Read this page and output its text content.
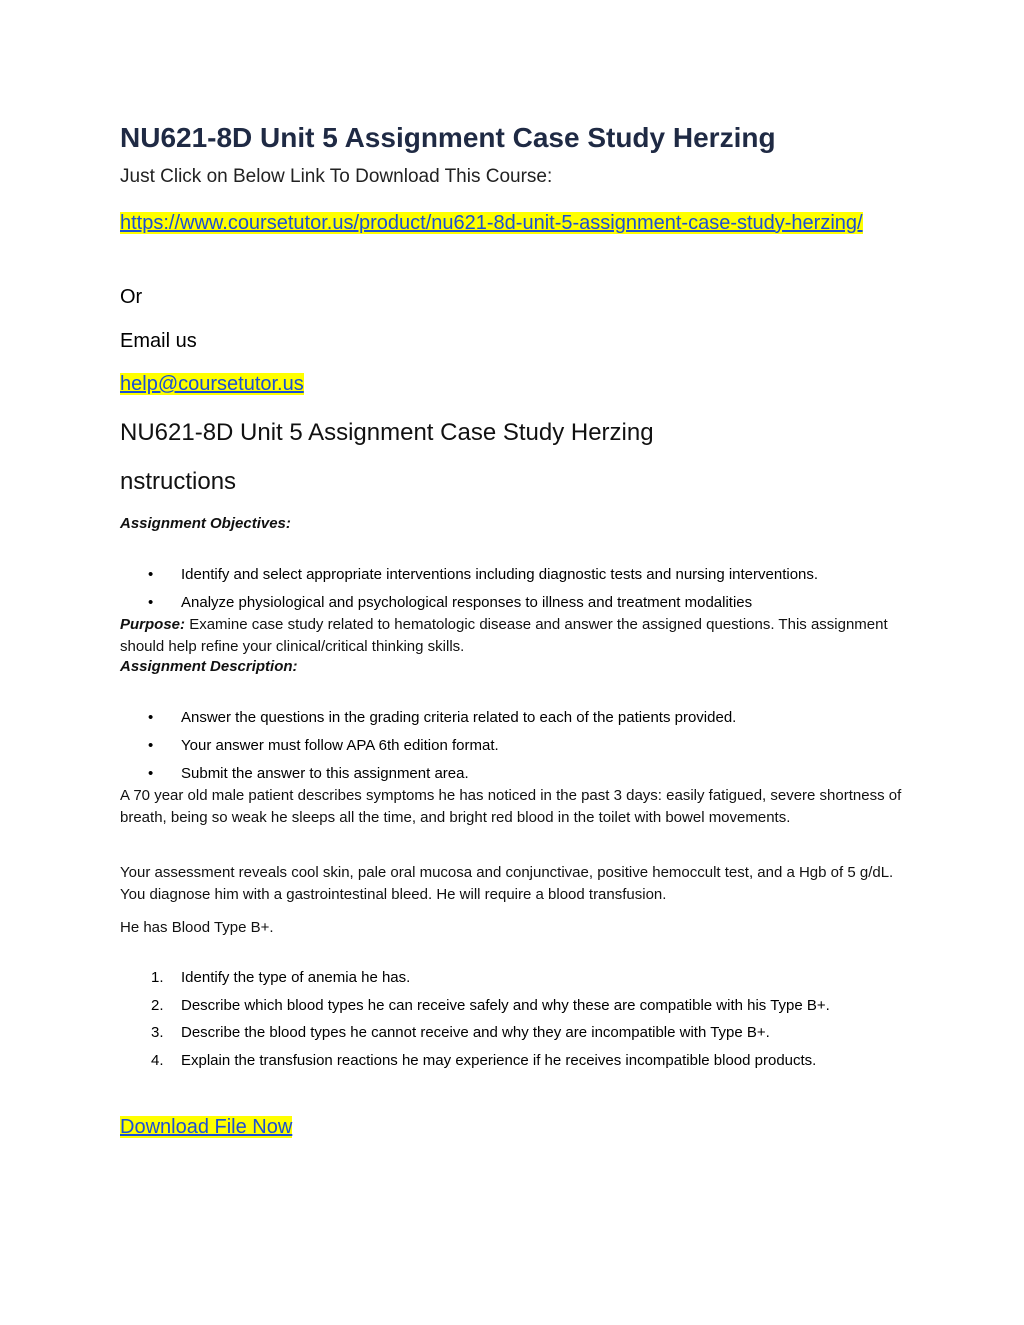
NU621-8D Unit 5 Assignment Case Study Herzing
Just Click on Below Link To Download This Course:
https://www.coursetutor.us/product/nu621-8d-unit-5-assignment-case-study-herzing/
Or
Email us
help@coursetutor.us
NU621-8D Unit 5 Assignment Case Study Herzing
nstructions
Assignment Objectives:
• Identify and select appropriate interventions including diagnostic tests and nursing interventions.
• Analyze physiological and psychological responses to illness and treatment modalities
Purpose: Examine case study related to hematologic disease and answer the assigned questions. This assignment should help refine your clinical/critical thinking skills.
Assignment Description:
• Answer the questions in the grading criteria related to each of the patients provided.
• Your answer must follow APA 6th edition format.
• Submit the answer to this assignment area.
A 70 year old male patient describes symptoms he has noticed in the past 3 days: easily fatigued, severe shortness of breath, being so weak he sleeps all the time, and bright red blood in the toilet with bowel movements.
Your assessment reveals cool skin, pale oral mucosa and conjunctivae, positive hemoccult test, and a Hgb of 5 g/dL. You diagnose him with a gastrointestinal bleed. He will require a blood transfusion.
He has Blood Type B+.
1. Identify the type of anemia he has.
2. Describe which blood types he can receive safely and why these are compatible with his Type B+.
3. Describe the blood types he cannot receive and why they are incompatible with Type B+.
4. Explain the transfusion reactions he may experience if he receives incompatible blood products.
Download File Now
